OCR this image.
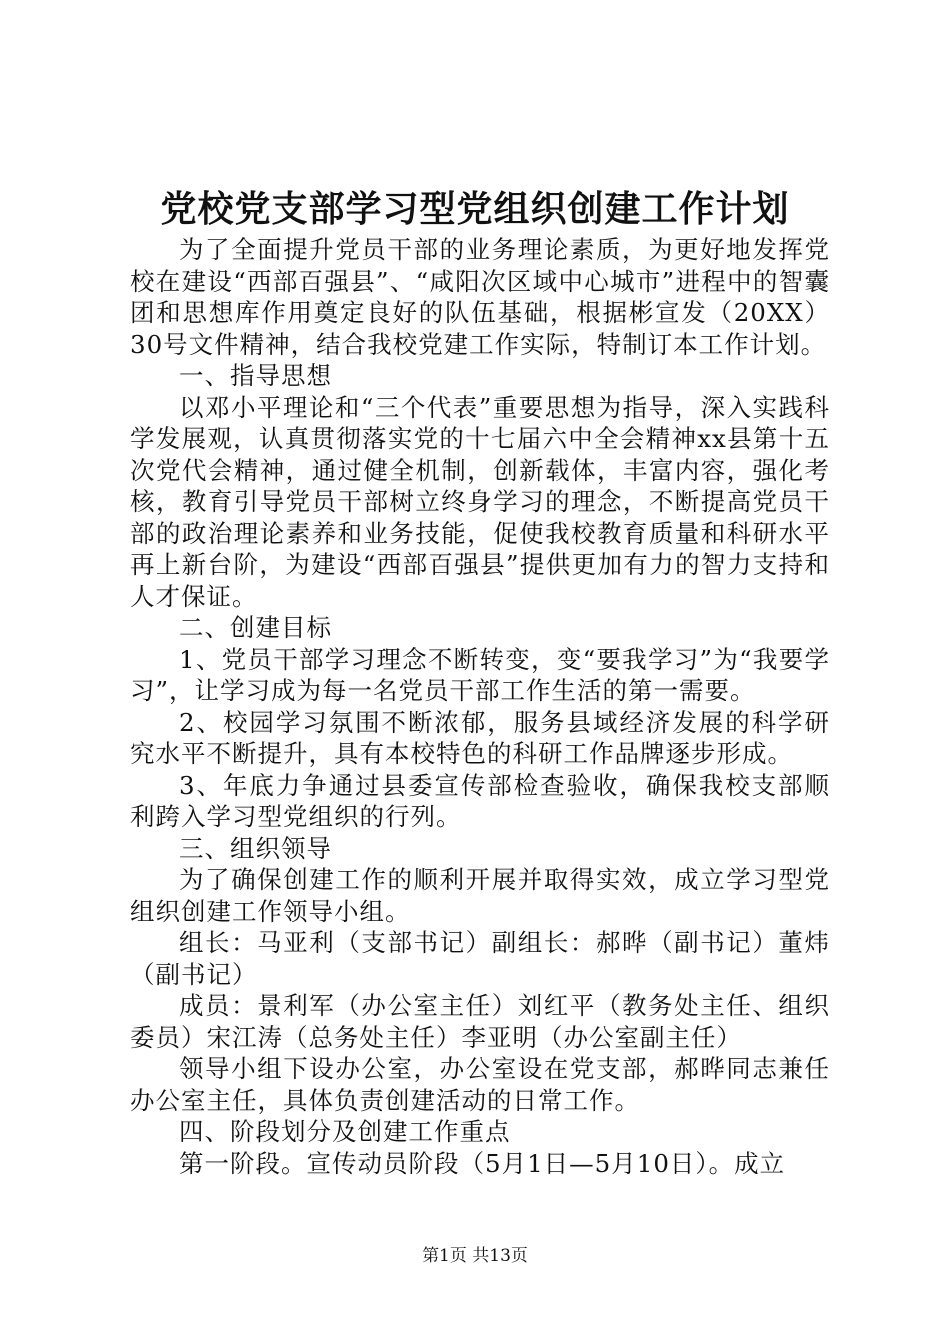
党校党支部学习型党组织创建工作计划

为了全面提升党员干部的业务理论素质，为更好地发挥党校在建设“西部百强县”、“咸阳次区域中心城市”进程中的智囊团和思想库作用奠定良好的队伍基础，根据彬宣发（20XX）30号文件精神，结合我校党建工作实际，特制订本工作计划。

一、指导思想

以邓小平理论和“三个代表”重要思想为指导，深入实践科学发展观，认真贯彻落实党的十七届六中全会精神xx县第十五次党代会精神，通过健全机制，创新载体，丰富内容，强化考核，教育引导党员干部树立终身学习的理念，不断提高党员干部的政治理论素养和业务技能，促使我校教育质量和科研水平再上新台阶，为建设“西部百强县”提供更加有力的智力支持和人才保证。

二、创建目标

1、党员干部学习理念不断转变，变“要我学习”为“我要学习”，让学习成为每一名党员干部工作生活的第一需要。

2、校园学习氛围不断浓郁，服务县域经济发展的科学研究水平不断提升，具有本校特色的科研工作品牌逐步形成。

3、年底力争通过县委宣传部检查验收，确保我校支部顺利跨入学习型党组织的行列。

三、组织领导

为了确保创建工作的顺利开展并取得实效，成立学习型党组织创建工作领导小组。

组长：马亚利（支部书记）副组长：郝晔（副书记）董炜（副书记）

成员：景利军（办公室主任）刘红平（教务处主任、组织委员）宋江涛（总务处主任）李亚明（办公室副主任）

领导小组下设办公室，办公室设在党支部，郝晔同志兼任办公室主任，具体负责创建活动的日常工作。

四、阶段划分及创建工作重点

第一阶段。宣传动员阶段（5月1日—5月10日）。成立

第1页 共13页
